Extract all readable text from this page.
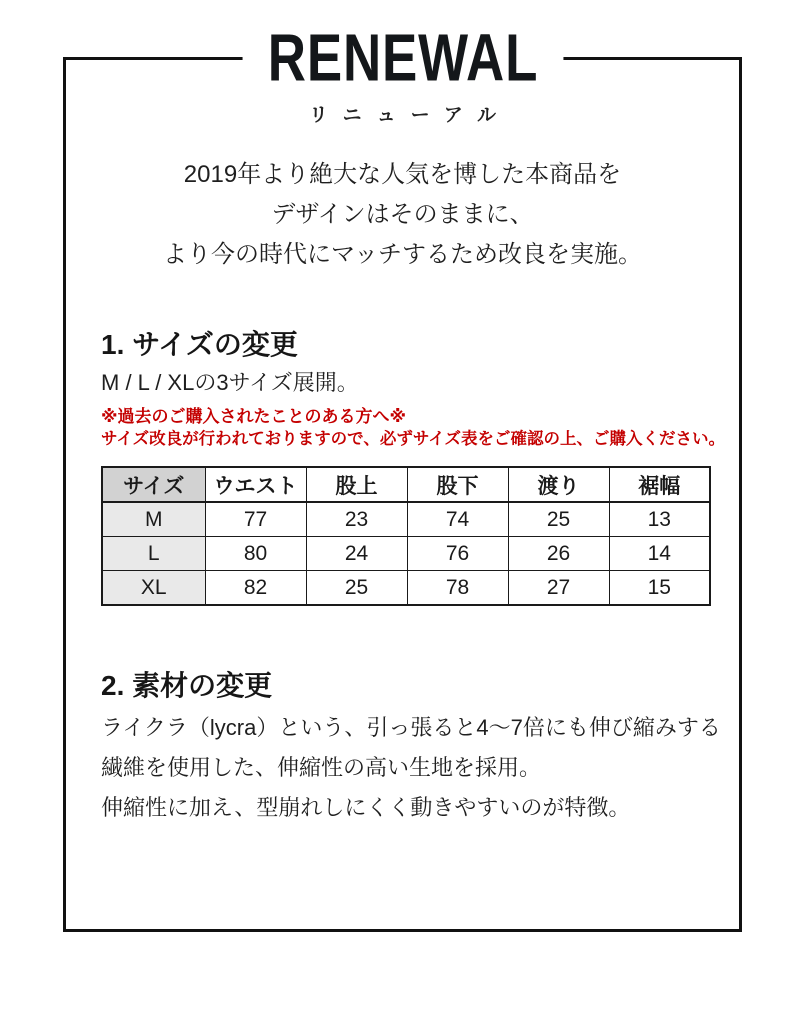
RENEWAL
リニューアル

2019年より絶大な人気を博した本商品を

デザインはそのままに、

より今の時代にマッチするため改良を実施。

1. サイズの変更

M / L / XLの3サイズ展開。

※過去のご購入されたことのある方へ※

サイズ改良が行われておりますので、必ずサイズ表をご確認の上、ご購入ください。

サイズ	ウエスト	股上	股下	渡り	裾幅
M	77	23	74	25	13
L	80	24	76	26	14
XL	82	25	78	27	15
2. 素材の変更

ライクラ（lycra）という、引っ張ると4〜7倍にも伸び縮みする

繊維を使用した、伸縮性の高い生地を採用。

伸縮性に加え、型崩れしにくく動きやすいのが特徴。
